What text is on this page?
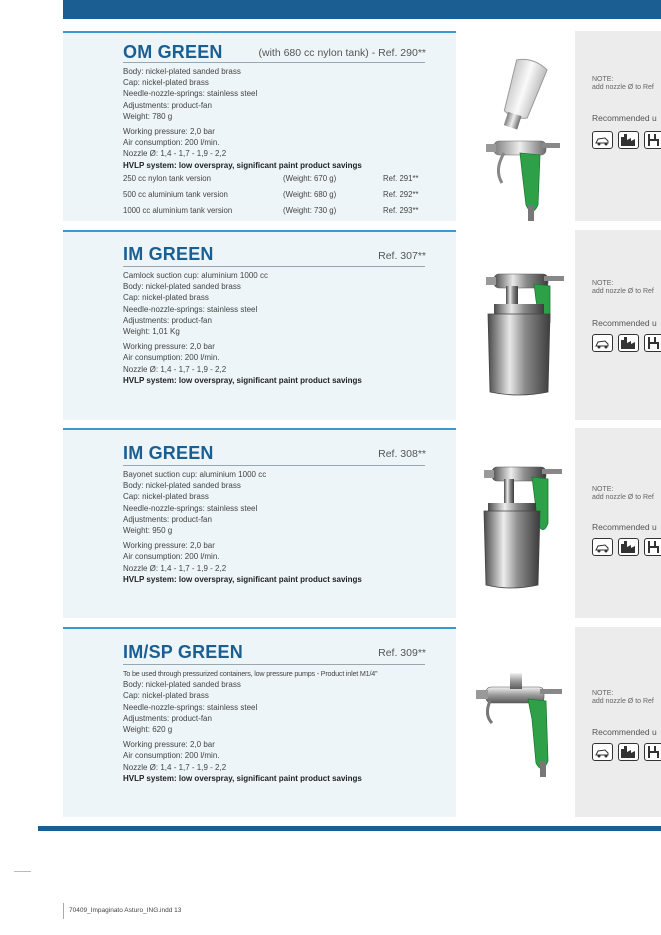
OM GREEN	(with 680 cc nylon tank) - Ref. 290**
Body: nickel-plated sanded brass
Cap: nickel-plated brass
Needle-nozzle-springs: stainless steel
Adjustments: product-fan
Weight: 780 g
Working pressure: 2,0 bar
Air consumption: 200 l/min.
Nozzle Ø: 1,4 - 1,7 - 1,9 - 2,2
HVLP system: low overspray, significant paint product savings
250 cc nylon tank version	(Weight: 670 g)	Ref. 291**
500 cc aluminium tank version	(Weight: 680 g)	Ref. 292**
1000 cc aluminium tank version	(Weight: 730 g)	Ref. 293**
NOTE:
add nozzle Ø to Ref
Recommended u
IM GREEN	Ref. 307**
Camlock suction cup: aluminium 1000 cc
Body: nickel-plated sanded brass
Cap: nickel-plated brass
Needle-nozzle-springs: stainless steel
Adjustments: product-fan
Weight: 1,01 Kg
Working pressure: 2,0 bar
Air consumption: 200 l/min.
Nozzle Ø: 1,4 - 1,7 - 1,9 - 2,2
HVLP system: low overspray, significant paint product savings
NOTE:
add nozzle Ø to Ref
Recommended u
IM GREEN	Ref. 308**
Bayonet suction cup: aluminium 1000 cc
Body: nickel-plated sanded brass
Cap: nickel-plated brass
Needle-nozzle-springs: stainless steel
Adjustments: product-fan
Weight: 950 g
Working pressure: 2,0 bar
Air consumption: 200 l/min.
Nozzle Ø: 1,4 - 1,7 - 1,9 - 2,2
HVLP system: low overspray, significant paint product savings
NOTE:
add nozzle Ø to Ref
Recommended u
IM/SP GREEN	Ref. 309**
To be used through pressurized containers, low pressure pumps - Product inlet M1/4''
Body: nickel-plated sanded brass
Cap: nickel-plated brass
Needle-nozzle-springs: stainless steel
Adjustments: product-fan
Weight: 620 g
Working pressure: 2,0 bar
Air consumption: 200 l/min.
Nozzle Ø: 1,4 - 1,7 - 1,9 - 2,2
HVLP system: low overspray, significant paint product savings
NOTE:
add nozzle Ø to Ref
Recommended u
70409_Impaginato Asturo_ING.indd 13
